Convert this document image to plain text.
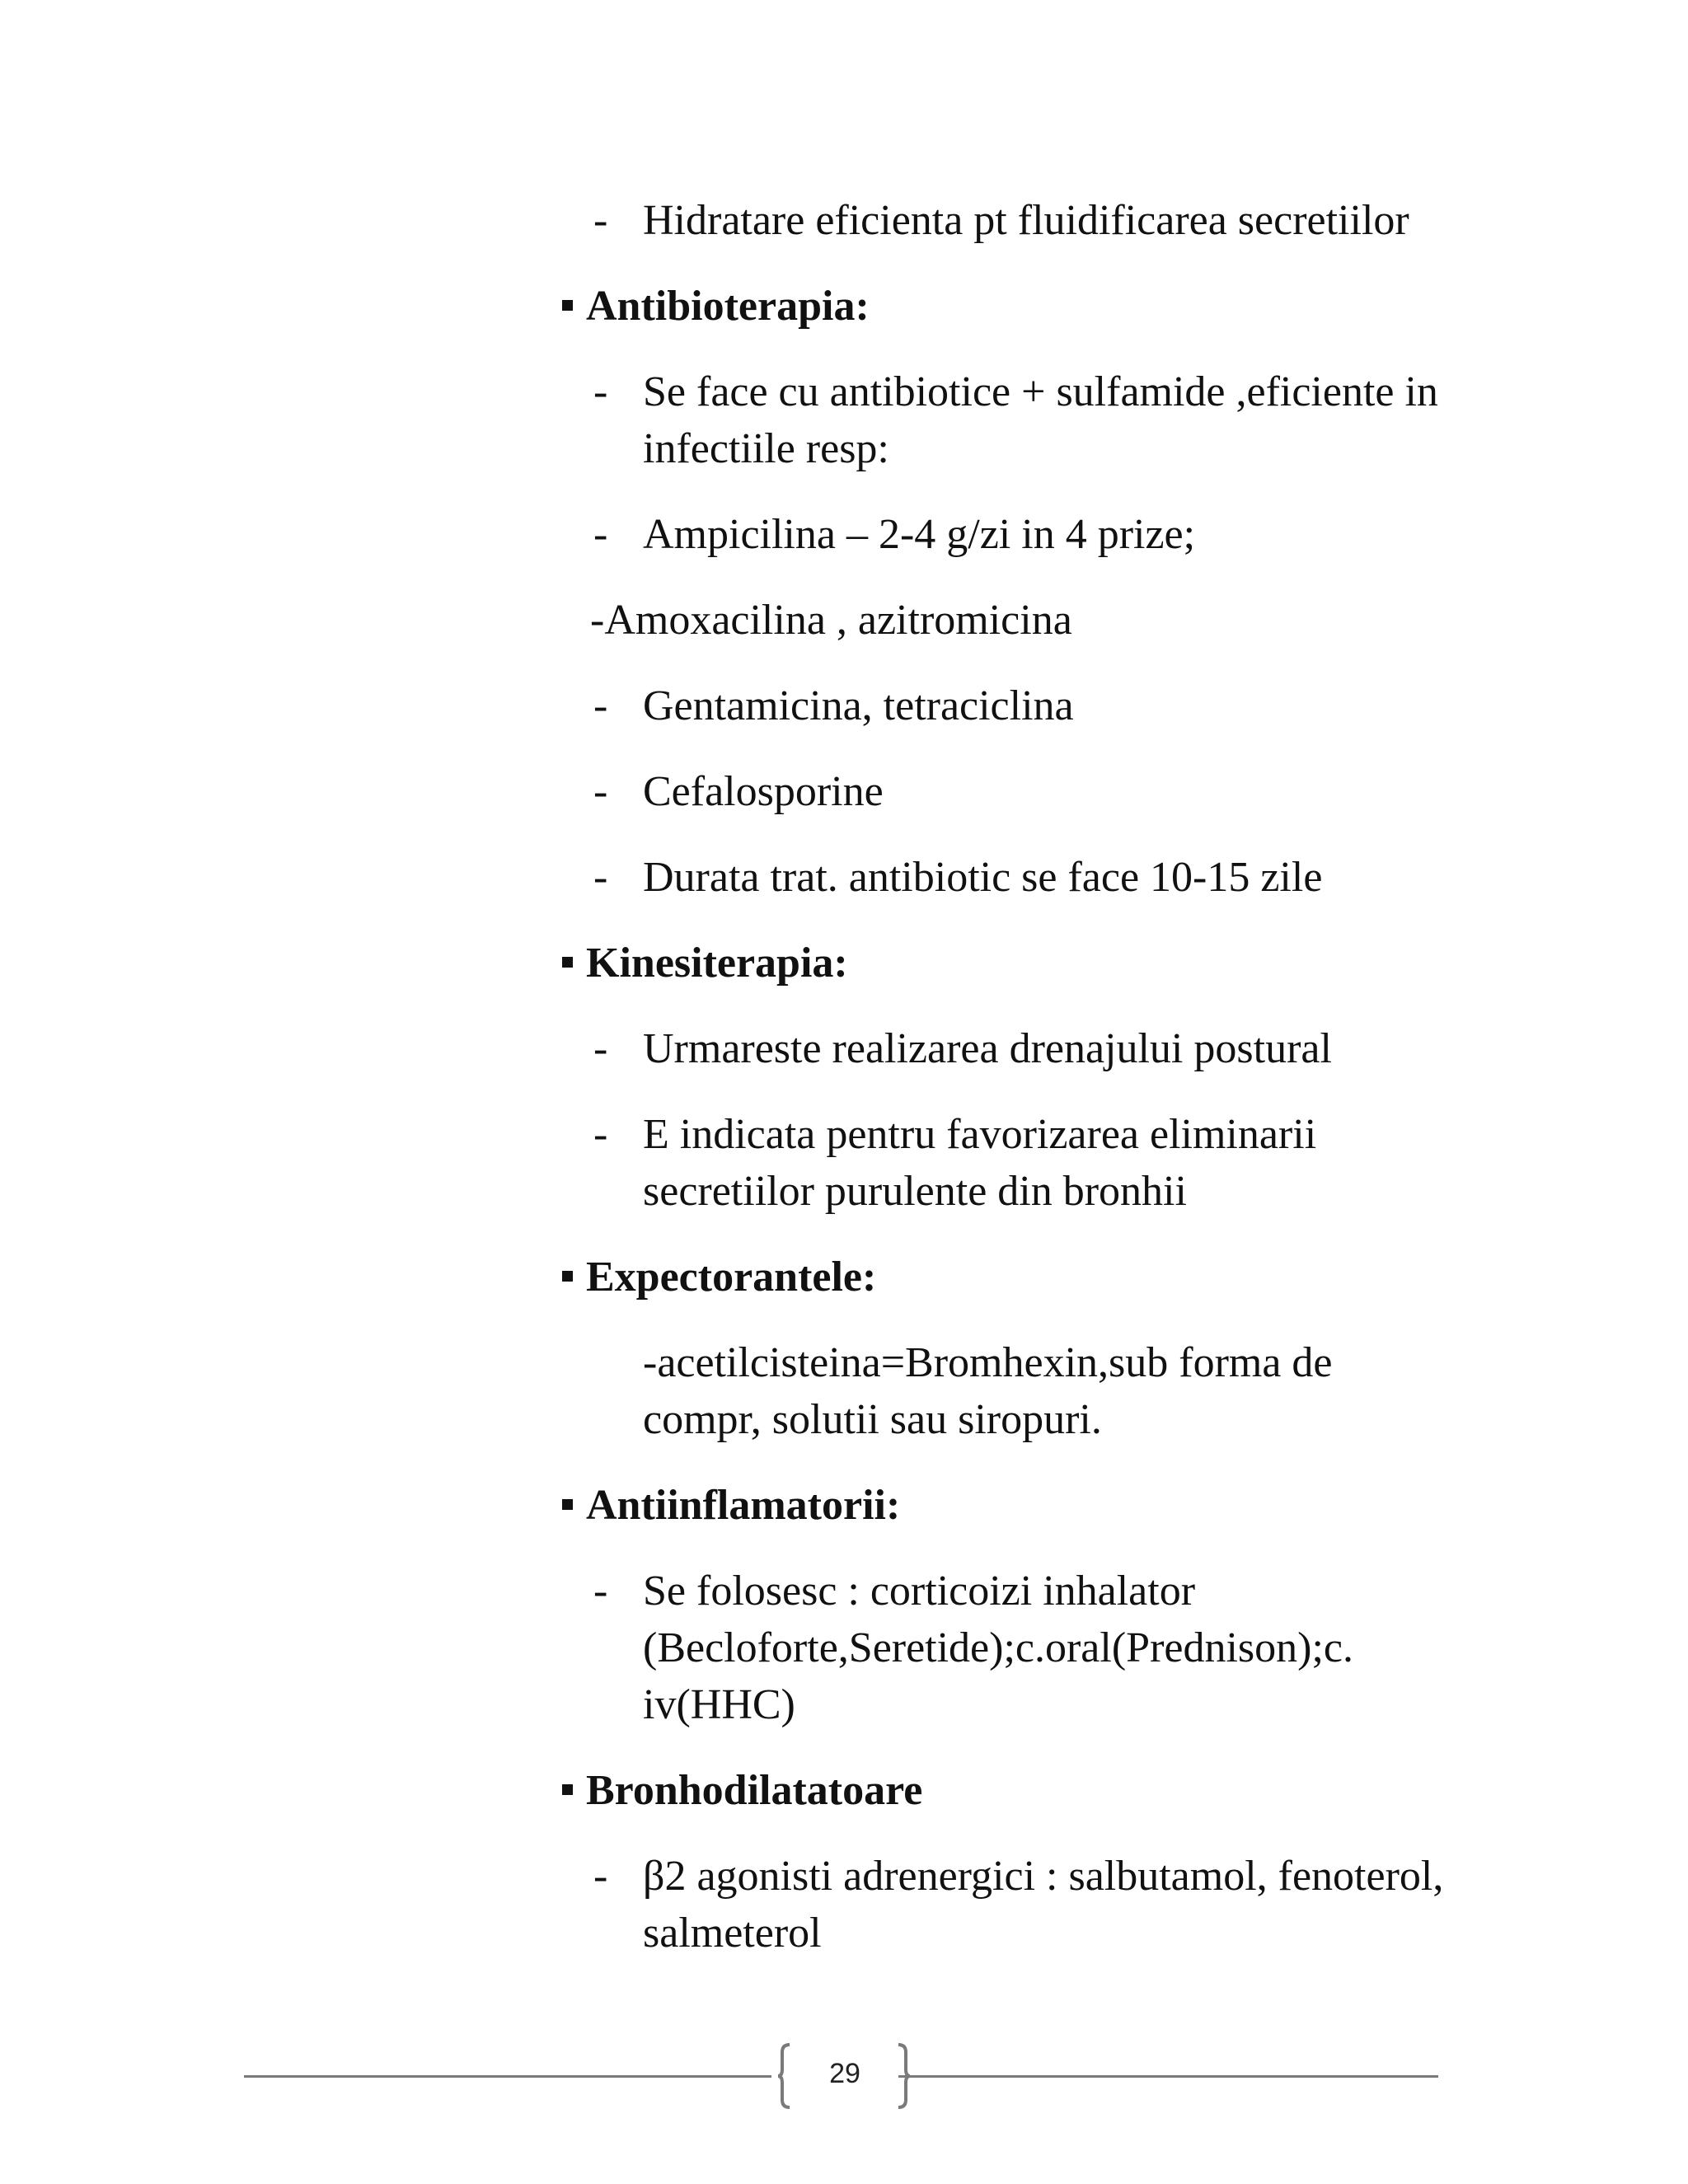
- Hidratare eficienta pt fluidificarea secretiilor
Antibioterapia:
- Se face cu antibiotice + sulfamide ,eficiente in
infectiile resp:
- Ampicilina – 2-4 g/zi in 4 prize;
-Amoxacilina , azitromicina
- Gentamicina, tetraciclina
- Cefalosporine
- Durata trat. antibiotic se face 10-15 zile
Kinesiterapia:
- Urmareste realizarea drenajului postural
- E indicata pentru favorizarea eliminarii
secretiilor purulente din bronhii
Expectorantele:
-acetilcisteina=Bromhexin,sub forma de
compr, solutii sau siropuri.
Antiinflamatorii:
- Se folosesc : corticoizi inhalator
(Becloforte,Seretide);c.oral(Prednison);c.
iv(HHC)
Bronhodilatatoare
- β2 agonisti adrenergici : salbutamol, fenoterol,
salmeterol
29
